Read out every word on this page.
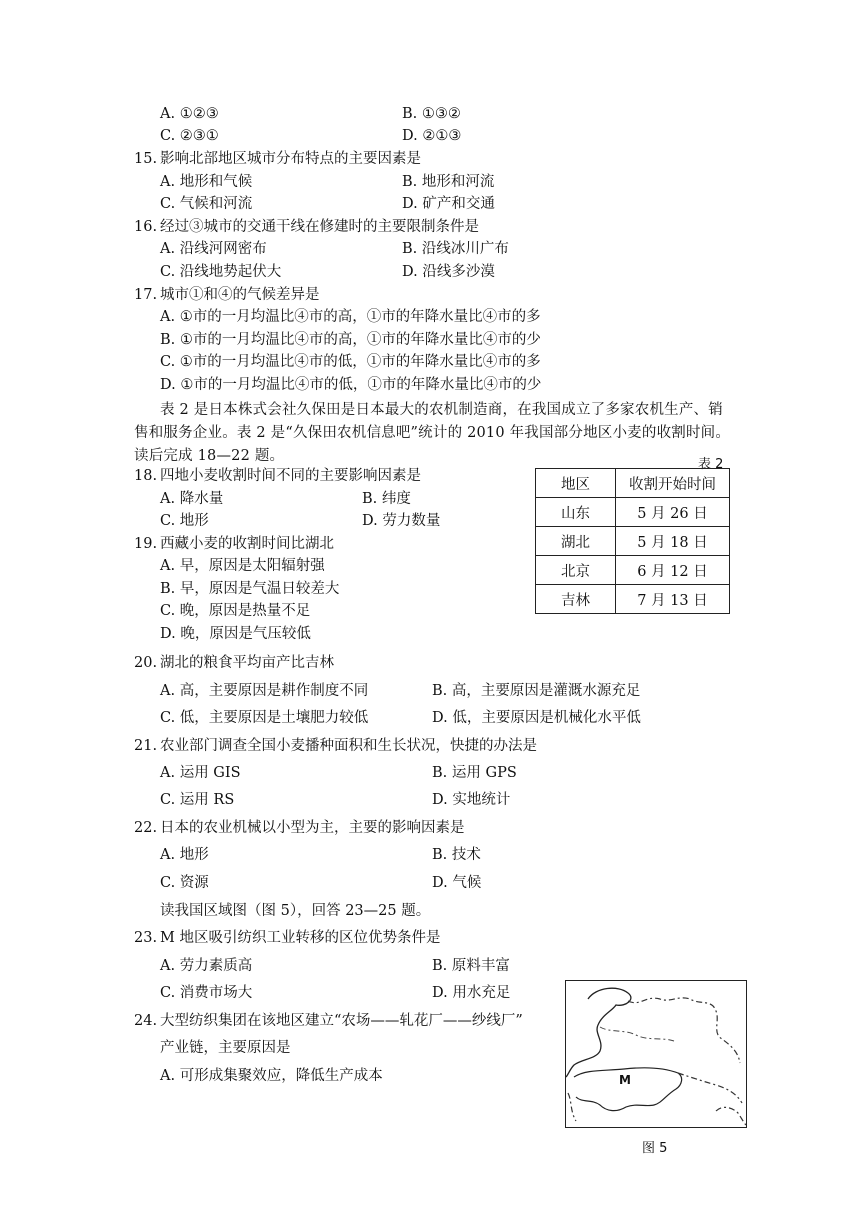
A. ①②③	B. ①③②
C. ②③①	D. ②①③
15. 影响北部地区城市分布特点的主要因素是
A. 地形和气候	B. 地形和河流
C. 气候和河流	D. 矿产和交通
16. 经过③城市的交通干线在修建时的主要限制条件是
A. 沿线河网密布	B. 沿线冰川广布
C. 沿线地势起伏大	D. 沿线多沙漠
17. 城市①和④的气候差异是
A. ①市的一月均温比④市的高，①市的年降水量比④市的多
B. ①市的一月均温比④市的高，①市的年降水量比④市的少
C. ①市的一月均温比④市的低，①市的年降水量比④市的多
D. ①市的一月均温比④市的低，①市的年降水量比④市的少
表 2 是日本株式会社久保田是日本最大的农机制造商，在我国成立了多家农机生产、销售和服务企业。表 2 是“久保田农机信息吧”统计的 2010 年我国部分地区小麦的收割时间。读后完成 18—22 题。
表 2
地区	收割开始时间
山东	5 月 26 日
湖北	5 月 18 日
北京	6 月 12 日
吉林	7 月 13 日
18. 四地小麦收割时间不同的主要影响因素是
A. 降水量	B. 纬度
C. 地形	D. 劳力数量
19. 西藏小麦的收割时间比湖北
A. 早，原因是太阳辐射强
B. 早，原因是气温日较差大
C. 晚，原因是热量不足
D. 晚，原因是气压较低
20. 湖北的粮食平均亩产比吉林
A. 高，主要原因是耕作制度不同	B. 高，主要原因是灌溉水源充足
C. 低，主要原因是土壤肥力较低	D. 低，主要原因是机械化水平低
21. 农业部门调查全国小麦播种面积和生长状况，快捷的办法是
A. 运用 GIS	B. 运用 GPS
C. 运用 RS	D. 实地统计
22. 日本的农业机械以小型为主，主要的影响因素是
A. 地形	B. 技术
C. 资源	D. 气候
读我国区域图（图 5），回答 23—25 题。
23. M 地区吸引纺织工业转移的区位优势条件是
A. 劳力素质高	B. 原料丰富
C. 消费市场大	D. 用水充足
24. 大型纺织集团在该地区建立“农场——轧花厂——纱线厂”
产业链，主要原因是
A. 可形成集聚效应，降低生产成本	M
图 5
